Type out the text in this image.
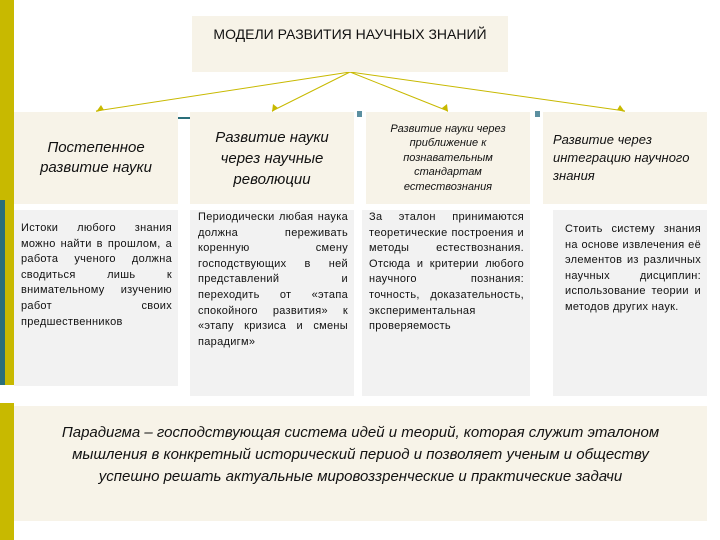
МОДЕЛИ РАЗВИТИЯ НАУЧНЫХ ЗНАНИЙ
Постепенное развитие науки
Развитие науки через научные революции
Развитие науки через приближение к познавательным стандартам естествознания
Развитие через интеграцию научного знания
Истоки любого знания можно найти в прошлом, а работа ученого должна сводиться лишь к внимательному изучению работ своих предшественников
Периодически любая наука должна переживать коренную смену господствующих в ней представлений и переходить от «этапа спокойного развития» к «этапу кризиса и смены парадигм»
За эталон принимаются теоретические построения и методы естествознания. Отсюда и критерии любого научного познания: точность, доказательность, экспериментальная проверяемость
Стоить систему знания на основе извлечения её элементов из различных научных дисциплин: использование теории и методов других наук.
Парадигма – господствующая система идей и теорий, которая служит эталоном мышления в конкретный исторический период и позволяет ученым и обществу успешно решать актуальные мировоззренческие и практические задачи
